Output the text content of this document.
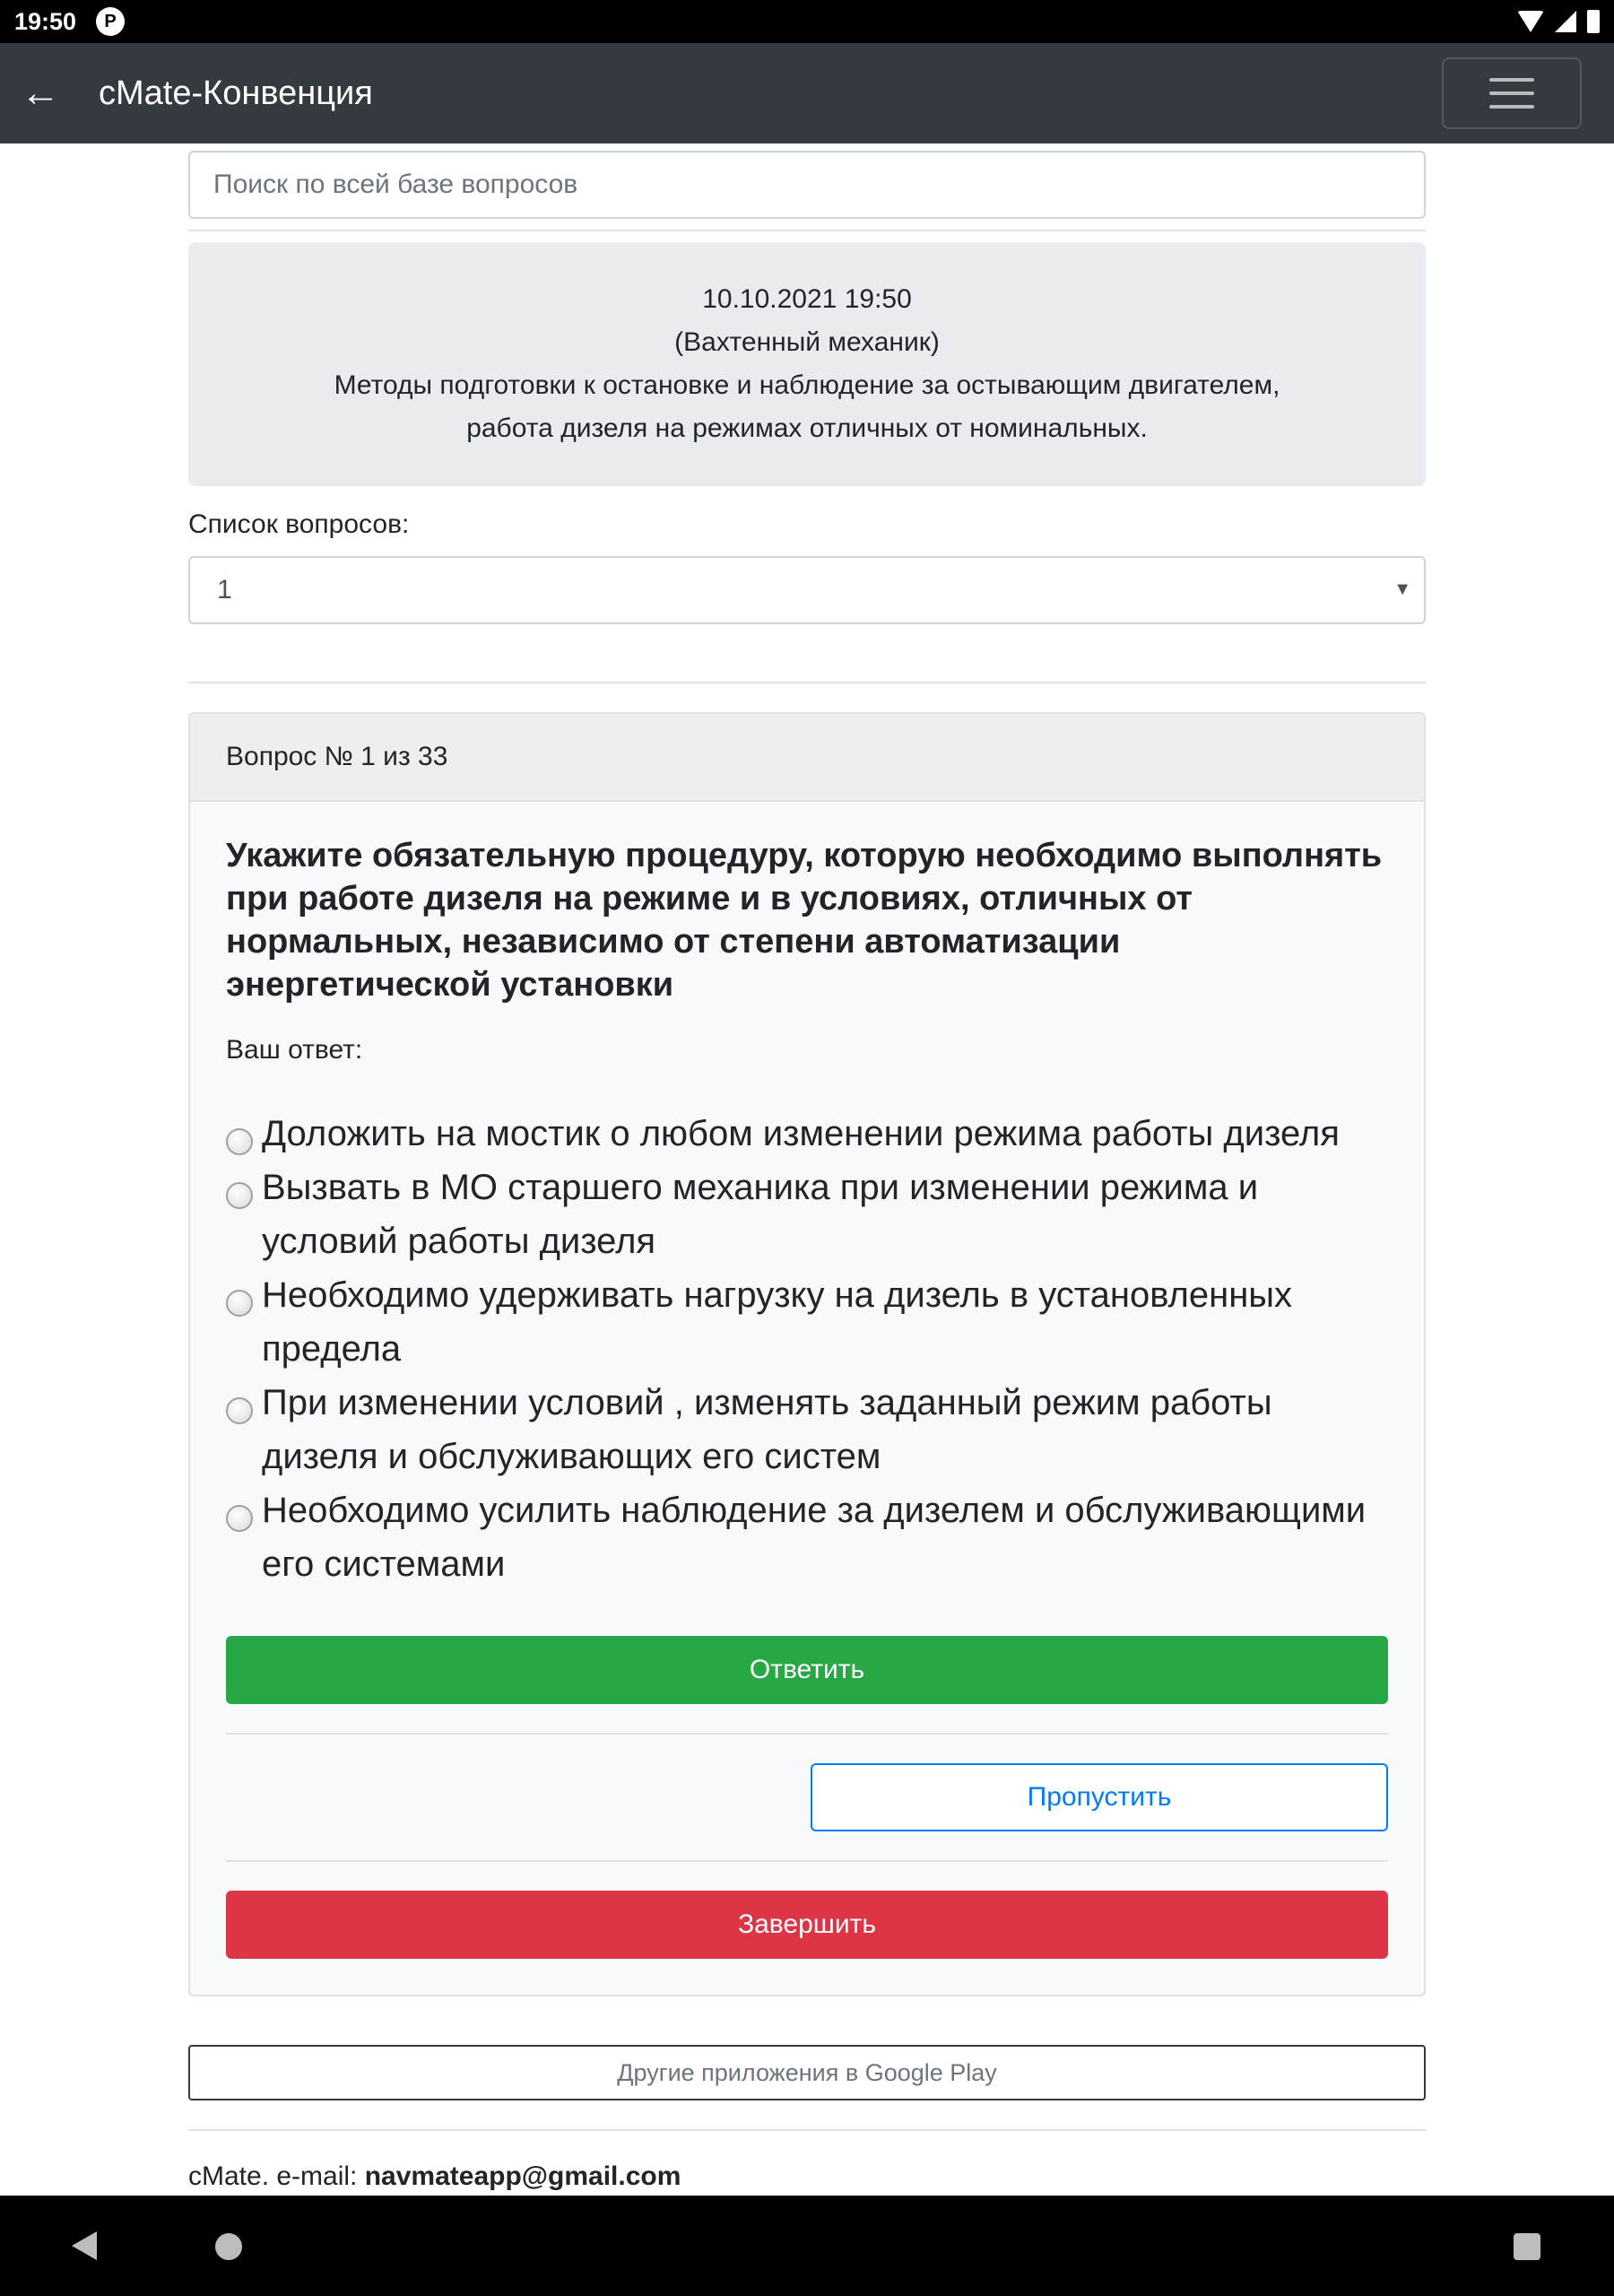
19:50	P
←	cMate-Конвенция
Поиск по всей базе вопросов
10.10.2021 19:50
(Вахтенный механик)
Методы подготовки к остановке и наблюдение за остывающим двигателем,
работа дизеля на режимах отличных от номинальных.
Список вопросов:
1	▼
Вопрос № 1 из 33
Укажите обязательную процедуру, которую необходимо выполнять при работе дизеля на режиме и в условиях, отличных от нормальных, независимо от степени автоматизации энергетической установки
Ваш ответ:
Доложить на мостик о любом изменении режима работы дизеля
Вызвать в МО старшего механика при изменении режима и условий работы дизеля
Необходимо удерживать нагрузку на дизель в установленных предела
При изменении условий , изменять заданный режим работы дизеля и обслуживающих его систем
Необходимо усилить наблюдение за дизелем и обслуживающими его системами
Ответить
Пропустить
Завершить
Другие приложения в Google Play
cMate. e-mail: navmateapp@gmail.com
